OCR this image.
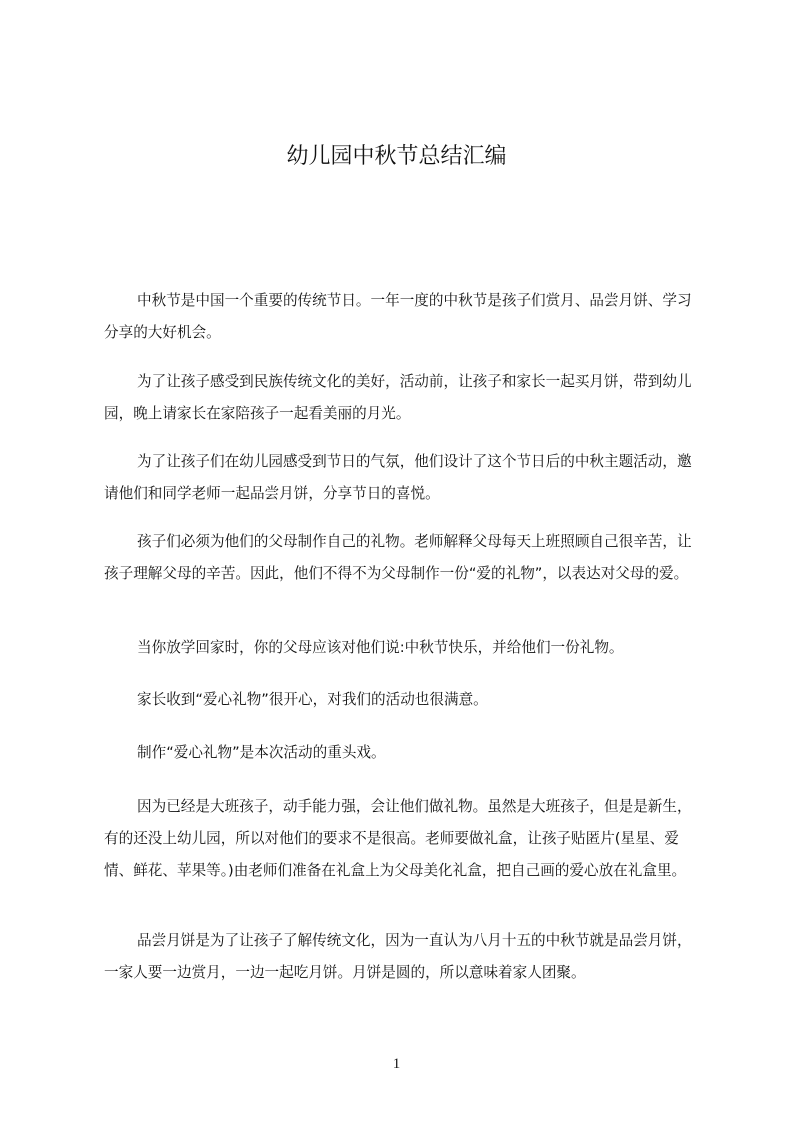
幼儿园中秋节总结汇编

中秋节是中国一个重要的传统节日。一年一度的中秋节是孩子们赏月、品尝月饼、学习分享的大好机会。

为了让孩子感受到民族传统文化的美好，活动前，让孩子和家长一起买月饼，带到幼儿园，晚上请家长在家陪孩子一起看美丽的月光。

为了让孩子们在幼儿园感受到节日的气氛，他们设计了这个节日后的中秋主题活动，邀请他们和同学老师一起品尝月饼，分享节日的喜悦。

孩子们必须为他们的父母制作自己的礼物。老师解释父母每天上班照顾自己很辛苦，让孩子理解父母的辛苦。因此，他们不得不为父母制作一份“爱的礼物”，以表达对父母的爱。

当你放学回家时，你的父母应该对他们说:中秋节快乐，并给他们一份礼物。

家长收到“爱心礼物”很开心，对我们的活动也很满意。

制作“爱心礼物”是本次活动的重头戏。

因为已经是大班孩子，动手能力强，会让他们做礼物。虽然是大班孩子，但是是新生，有的还没上幼儿园，所以对他们的要求不是很高。老师要做礼盒，让孩子贴匿片(星星、爱情、鲜花、苹果等。)由老师们准备在礼盒上为父母美化礼盒，把自己画的爱心放在礼盒里。

品尝月饼是为了让孩子了解传统文化，因为一直认为八月十五的中秋节就是品尝月饼，一家人要一边赏月，一边一起吃月饼。月饼是圆的，所以意味着家人团聚。

1
